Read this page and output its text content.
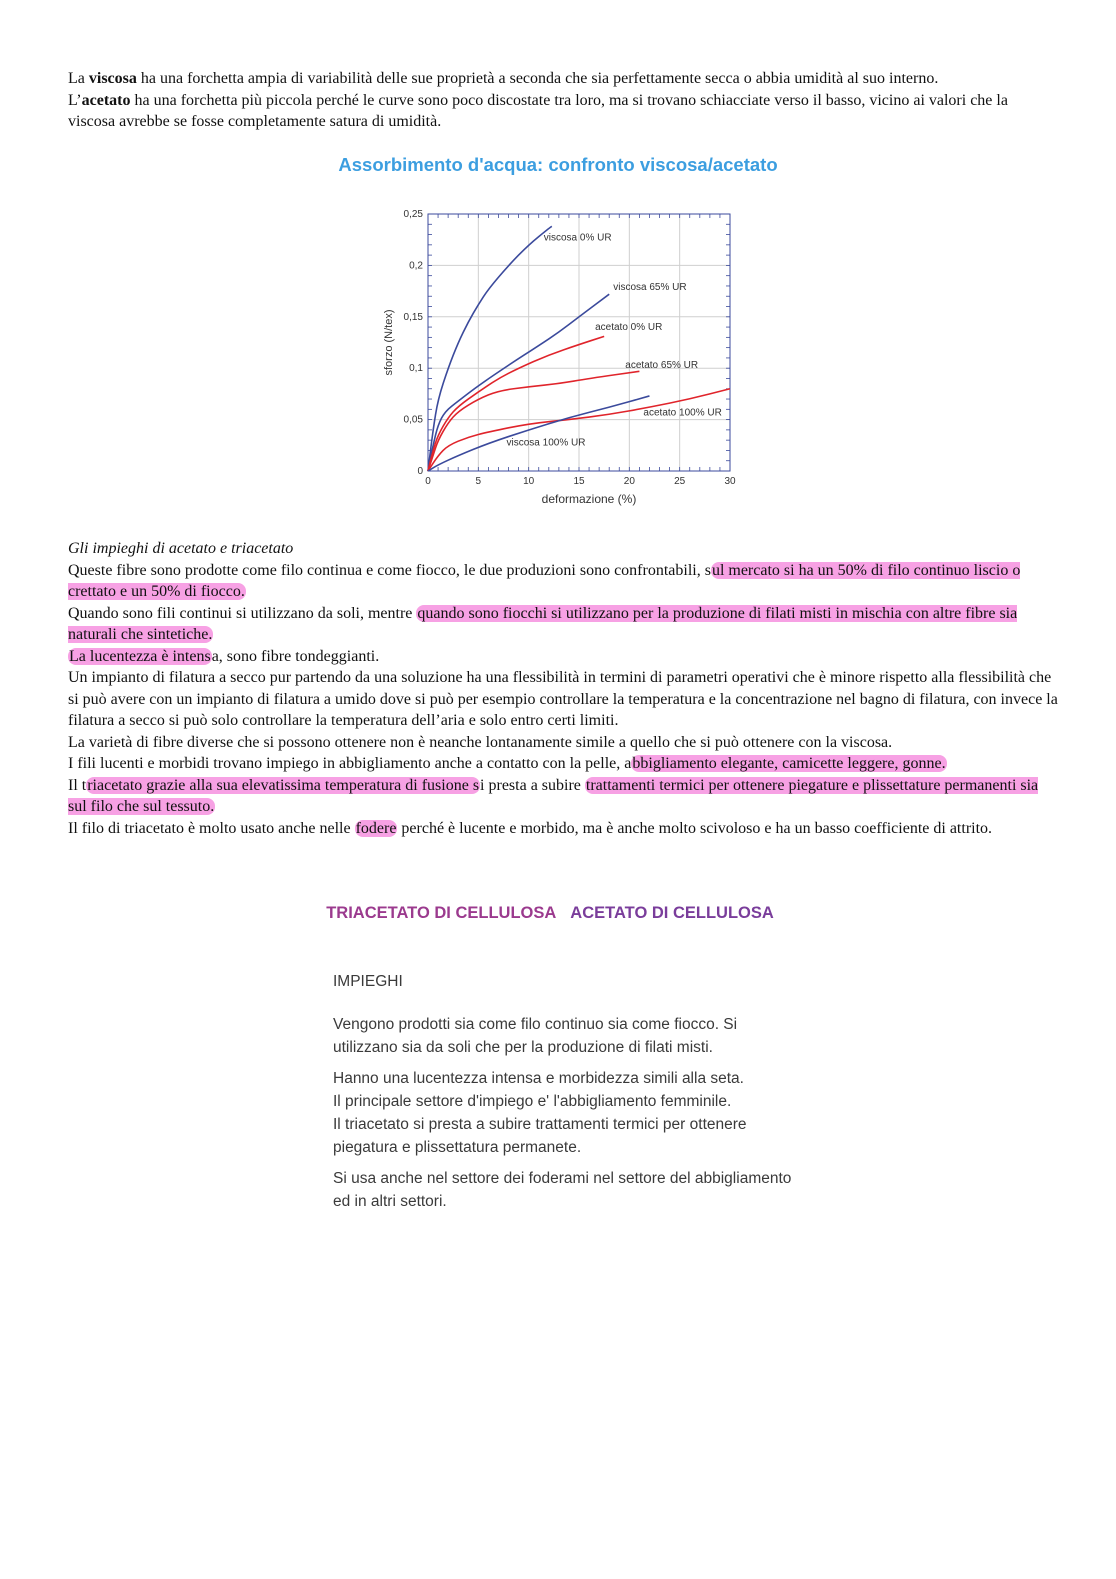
La viscosa ha una forchetta ampia di variabilità delle sue proprietà a seconda che sia perfettamente secca o abbia umidità al suo interno.

L’acetato ha una forchetta più piccola perché le curve sono poco discostate tra loro, ma si trovano schiacciate verso il basso, vicino ai valori che la viscosa avrebbe se fosse completamente satura di umidità.

Assorbimento d'acqua: confronto viscosa/acetato
0	5	10	15	20	25	30
0
0,05
0,1
0,15
0,2
0,25
viscosa 0% UR
viscosa 65% UR
acetato 0% UR
acetato 65% UR
acetato 100% UR
viscosa 100% UR
deformazione (%)
sforzo (N/tex)

Gli impieghi di acetato e triacetato

Queste fibre sono prodotte come filo continua e come fiocco, le due produzioni sono confrontabili, sul mercato si ha un 50% di filo continuo liscio o crettato e un 50% di fiocco.

Quando sono fili continui si utilizzano da soli, mentre quando sono fiocchi si utilizzano per la produzione di filati misti in mischia con altre fibre sia naturali che sintetiche.

La lucentezza è intensa, sono fibre tondeggianti.

Un impianto di filatura a secco pur partendo da una soluzione ha una flessibilità in termini di parametri operativi che è minore rispetto alla flessibilità che si può avere con un impianto di filatura a umido dove si può per esempio controllare la temperatura e la concentrazione nel bagno di filatura, con invece la filatura a secco si può solo controllare la temperatura dell’aria e solo entro certi limiti.

La varietà di fibre diverse che si possono ottenere non è neanche lontanamente simile a quello che si può ottenere con la viscosa.

I fili lucenti e morbidi trovano impiego in abbigliamento anche a contatto con la pelle, abbigliamento elegante, camicette leggere, gonne.

Il triacetato grazie alla sua elevatissima temperatura di fusione si presta a subire trattamenti termici per ottenere piegature e plissettature permanenti sia sul filo che sul tessuto.

Il filo di triacetato è molto usato anche nelle fodere perché è lucente e morbido, ma è anche molto scivoloso e ha un basso coefficiente di attrito.

TRIACETATO DI CELLULOSA ACETATO DI CELLULOSA
IMPIEGHI

Vengono prodotti sia come filo continuo sia come fiocco. Si utilizzano sia da soli che per la produzione di filati misti.

Hanno una lucentezza intensa e morbidezza simili alla seta.
Il principale settore d'impiego e' l'abbigliamento femminile.
Il triacetato si presta a subire trattamenti termici per ottenere piegatura e plissettatura permanete.

Si usa anche nel settore dei foderami nel settore del abbigliamento ed in altri settori.
